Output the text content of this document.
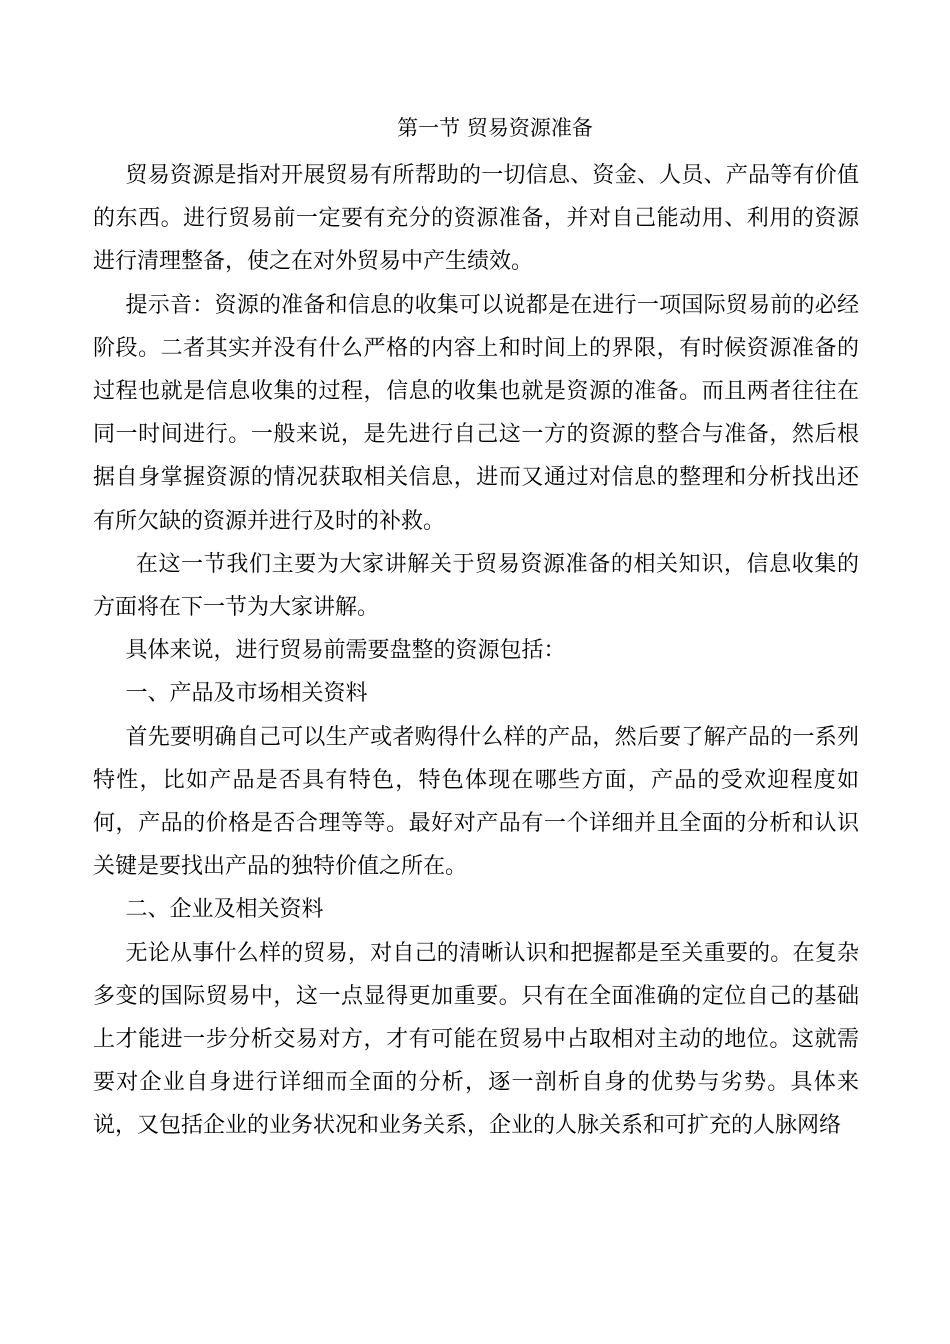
第一节 贸易资源准备

贸易资源是指对开展贸易有所帮助的一切信息、资金、人员、产品等有价值的东西。进行贸易前一定要有充分的资源准备，并对自己能动用、利用的资源进行清理整备，使之在对外贸易中产生绩效。

提示音：资源的准备和信息的收集可以说都是在进行一项国际贸易前的必经阶段。二者其实并没有什么严格的内容上和时间上的界限，有时候资源准备的过程也就是信息收集的过程，信息的收集也就是资源的准备。而且两者往往在同一时间进行。一般来说，是先进行自己这一方的资源的整合与准备，然后根据自身掌握资源的情况获取相关信息，进而又通过对信息的整理和分析找出还有所欠缺的资源并进行及时的补救。

在这一节我们主要为大家讲解关于贸易资源准备的相关知识，信息收集的方面将在下一节为大家讲解。

具体来说，进行贸易前需要盘整的资源包括：

一、产品及市场相关资料

首先要明确自己可以生产或者购得什么样的产品，然后要了解产品的一系列特性，比如产品是否具有特色，特色体现在哪些方面，产品的受欢迎程度如何，产品的价格是否合理等等。最好对产品有一个详细并且全面的分析和认识关键是要找出产品的独特价值之所在。

二、企业及相关资料

无论从事什么样的贸易，对自己的清晰认识和把握都是至关重要的。在复杂多变的国际贸易中，这一点显得更加重要。只有在全面准确的定位自己的基础上才能进一步分析交易对方，才有可能在贸易中占取相对主动的地位。这就需要对企业自身进行详细而全面的分析，逐一剖析自身的优势与劣势。具体来说，又包括企业的业务状况和业务关系，企业的人脉关系和可扩充的人脉网络
